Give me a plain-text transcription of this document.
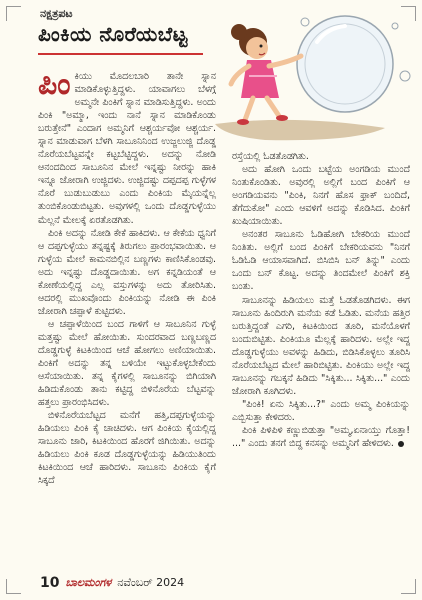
ನಕ್ಷತ್ರಪಟ
ಪಿಂಕಿಯ ನೊರೆಯಬೆಟ್ಟ

ಪಿಂಕಿಯು ಮೊದಲಬಾರಿ ತಾನೇ ಸ್ನಾನ ಮಾಡಿಕೊಳ್ಳುತ್ತಿದ್ದಳು. ಯಾವಾಗಲು ಬೆಳಗ್ಗೆ ಅಮ್ಮನೇ ಪಿಂಕಿಗೆ ಸ್ನಾನ ಮಾಡಿಸುತ್ತಿದ್ದಳು. ಅಂದು ಪಿಂಕಿ "ಅಮ್ಮಾ, ಇಂದು ನಾನೆ ಸ್ನಾನ ಮಾಡಿಕೊಂಡು ಬರುತ್ತೇನೆ" ಎಂದಾಗ ಅಮ್ಮನಿಗೆ ಆಶ್ಚರ್ಯವೋ ಆಶ್ಚರ್ಯ. ಸ್ನಾನ ಮಾಡುವಾಗ ಬೆಳಗಿ ಸಾಬೂನಿನಿಂದ ಉಜ್ಜಲುಜ್ಜಿ ದೊಡ್ಡ ನೊರೆಯಬೆಟ್ಟವನ್ನೇ ಕಟ್ಟಬೆಟ್ಟಿದ್ದಳು. ಅದನ್ನು ನೋಡಿ ಆನಂದದಿಂದ ಸಾಬೂನಿನ ಮೇಲೆ ಇನ್ನಷ್ಟು ನೀರನ್ನು ಹಾಕಿ ಇನ್ನೂ ಜೋರಾಗಿ ಉಜ್ಜಿದಳು. ಉಜ್ಜಿದಷ್ಟು ದಪ್ಪದಪ್ಪ ಗುಳ್ಳೆಗಳ ನೊರೆ ಬುಡುಬುಡುಬು ಎಂದು ಪಿಂಕಿಯ ಮೈಯನ್ನೆಲ್ಲ ತುಂಬಿಕೊಂಡುಬಿಟ್ಟತು. ಅವುಗಳಲ್ಲಿ ಒಂದು ದೊಡ್ಡಗುಳ್ಳೆಯು ಮೆಲ್ಲನೆ ಮೇಲಕ್ಕೆ ಏರತೊಡಗಿತು.

ಪಿಂಕಿ ಅದನ್ನು ನೋಡಿ ಕೇಕೆ ಹಾಕಿದಳು. ಆ ಕೇಕೆಯ ಧ್ವನಿಗೆ ಆ ದಪ್ಪಗುಳ್ಳೆಯು ತನ್ನಷ್ಟಕ್ಕೆ ತಿರುಗಲು ಪ್ರಾರಂಭವಾಯಿತು. ಆ ಗುಳ್ಳೆಯ ಮೇಲೆ ಕಾಮನಬಿಲ್ಲಿನ ಬಣ್ಣಗಳು ಕಾಣಿಸಿಕೊಂಡವು. ಅದು ಇನ್ನಷ್ಟು ದೊಡ್ಡದಾಯಿತು. ಅಗ ಕನ್ನಡಿಯಂತೆ ಆ ಕೋಣೆಯಲ್ಲಿದ್ದ ಎಲ್ಲ ವಸ್ತುಗಳನ್ನು ಅದು ತೋರಿಸಿತು. ಆದರಲ್ಲಿ ಮುಖವೊಂದು ಪಿಂಕಿಯನ್ನು ನೋಡಿ ಈ ಪಿಂಕಿ ಜೋರಾಗಿ ಚಪ್ಪಾಳೆ ಕುಟ್ಟಿದಳು.

ಆ ಚಪ್ಪಾಳೆಯಿಂದ ಬಂದ ಗಾಳಿಗೆ ಆ ಸಾಬೂನಿನ ಗುಳ್ಳೆ ಮತ್ತಷ್ಟು ಮೇಲೆ ಹೋಯಿತು. ಸುಂದರವಾದ ಬಣ್ಣಬಣ್ಣದ ದೊಡ್ಡಗುಳ್ಳೆ ಕಿಟಕಿಯಿಂದ ಆಚೆ ಹೋಗಲು ಅಣಿಯಾಯಿತು. ಪಿಂಕಿಗೆ ಅದನ್ನು ತನ್ನ ಬಳಿಯೇ ಇಟ್ಟುಕೊಳ್ಳಬೇಕೆಂದು ಆಸೆಯಾಯಿತು. ತನ್ನ ಕೈಗಳಲ್ಲಿ ಸಾಬೂನನ್ನು ಬಿಗಿಯಾಗಿ ಹಿಡಿದುಕೊಂಡು ತಾನು ಕಟ್ಟಿದ್ದ ಬಿಳಿನೊರೆಯ ಬೆಟ್ಟವನ್ನು ಹತ್ತಲು ಪ್ರಾರಂಭಿಸಿದಳು.

ಬಿಳಿನೊರೆಯಬೆಟ್ಟದ ಮನೆಗೆ ಹತ್ತಿ,ದಪ್ಪಗುಳ್ಳೆಯನ್ನು ಹಿಡಿಯಲು ಪಿಂಕಿ ಕೈ ಚಾಚಿದಳು. ಆಗ ಪಿಂಕಿಯ ಕೈಯಲ್ಲಿದ್ದ ಸಾಬೂನು ಜಾರಿ, ಕಿಟಕಿಯಿಂದ ಹೊರಗೆ ಜಿಗಿಯಿತು. ಅದನ್ನು ಹಿಡಿಯಲು ಪಿಂಕಿ ಕೂಡ ದೊಡ್ಡಗುಳ್ಳೆಯನ್ನು ಹಿಡಿಯುತಿಂದು ಕಿಟಕಿಯಿಂದ ಆಚೆ ಹಾರಿದಳು. ಸಾಬೂನು ಪಿಂಕಿಯ ಕೈಗೆ ಸಿಕ್ಕದೆ

ರಸ್ತೆಯಲ್ಲಿ ಓಡತೊಡಗಿತು.

ಅದು ಹೋಗಿ ಒಂದು ಬಟ್ಟೆಯ ಅಂಗಡಿಯ ಮುಂದೆ ನಿಂತುಕೊಂಡಿತು. ಅವುರಲ್ಲಿ ಅಲ್ಲಿಗೆ ಬಂದ ಪಿಂಕಿಗೆ ಆ ಅಂಗಡಿಯವನು "ಪಿಂಕಿ, ನಿನಗೆ ಹೊಸ ಫ್ರಾಕ್ ಬಂದಿದೆ, ತೆಗೆದುಕೋ" ಎಂದು ಆವಳಿಗೆ ಅದನ್ನು ಕೊಡಿಸಿದ. ಪಿಂಕಿಗೆ ಖುಷಿಯಾಯಿತು.

ಅನಂತರ ಸಾಬೂನು ಓಡಿಹೋಗಿ ಬೇಕರಿಯ ಮುಂದೆ ನಿಂತಿತು. ಅಲ್ಲಿಗೆ ಬಂದ ಪಿಂಕಿಗೆ ಬೇಕರಿಯವನು "ನಿನಗೆ ಓಡಿಓಡಿ ಆಯಾಸವಾಗಿದೆ. ಬಿಸಿಬಿಸಿ ಬನ್ ತಿನ್ನು" ಎಂದು ಒಂದು ಬನ್ ಕೊಟ್ಟ. ಅದನ್ನು ತಿಂದಮೇಲೆ ಪಿಂಕಿಗೆ ಶಕ್ತಿ ಬಂತು.

ಸಾಬೂನನ್ನು ಹಿಡಿಯಲು ಮತ್ತೆ ಓಡತೊಡಗಿದಳು. ಈಗ ಸಾಬೂನು ಹಿಂದಿರುಗಿ ಮನೆಯ ಕಡೆ ಓಡಿತು. ಮನೆಯ ಹತ್ತಿರ ಬರುತ್ತಿದ್ದಂತೆ ಎಗರಿ, ಕಿಟಕಿಯಿಂದ ತೂರಿ, ಮನೆಯೊಳಗೆ ಬಂದುಬಿಟ್ಟಿತು. ಪಿಂಕಿಯೂ ಮೆಲ್ಲಕ್ಕೆ ಹಾರಿದಳು. ಅಲ್ಲೇ ಇದ್ದ ದೊಡ್ಡಗುಳ್ಳೆಯು ಅವಳನ್ನು ಹಿಡಿದು, ಬಿಡಿಸಿಕೊಳ್ಳಲು ತೂರಿಸಿ ನೊರೆಯಬೆಟ್ಟದ ಮೇಲೆ ಹಾರಿಬಿಟ್ಟಿತು. ಪಿಂಕಿಯು ಅಲ್ಲೇ ಇದ್ದ ಸಾಬೂನನ್ನು ಗಬಕ್ಕನೆ ಹಿಡಿದು "ಸಿಕ್ಕಿತು... ಸಿಕ್ಕಿತು..." ಎಂದು ಜೋರಾಗಿ ಕೂಗಿದಳು.

"ಪಿಂಕಿ! ಏನು ಸಿಕ್ಕಿತು...?" ಎಂದು ಅಮ್ಮ ಪಿಂಕಿಯನ್ನು ಎಬ್ಬಿಸುತ್ತಾ ಕೇಳಿದರು.

ಪಿಂಕಿ ಪಿಳಿಪಿಳಿ ಕಣ್ಣುಬಿಡುತ್ತಾ "ಅಮ್ಮ,ಏನಾಯ್ತು ಗೊತ್ತಾ! ..." ಎಂದು ತನಗೆ ಬಿದ್ದ ಕನಸನ್ನು ಅಮ್ಮನಿಗೆ ಹೇಳಿದಳು.

10 ಬಾಲಮಂಗಳ ನವೆಂಬರ್ 2024
